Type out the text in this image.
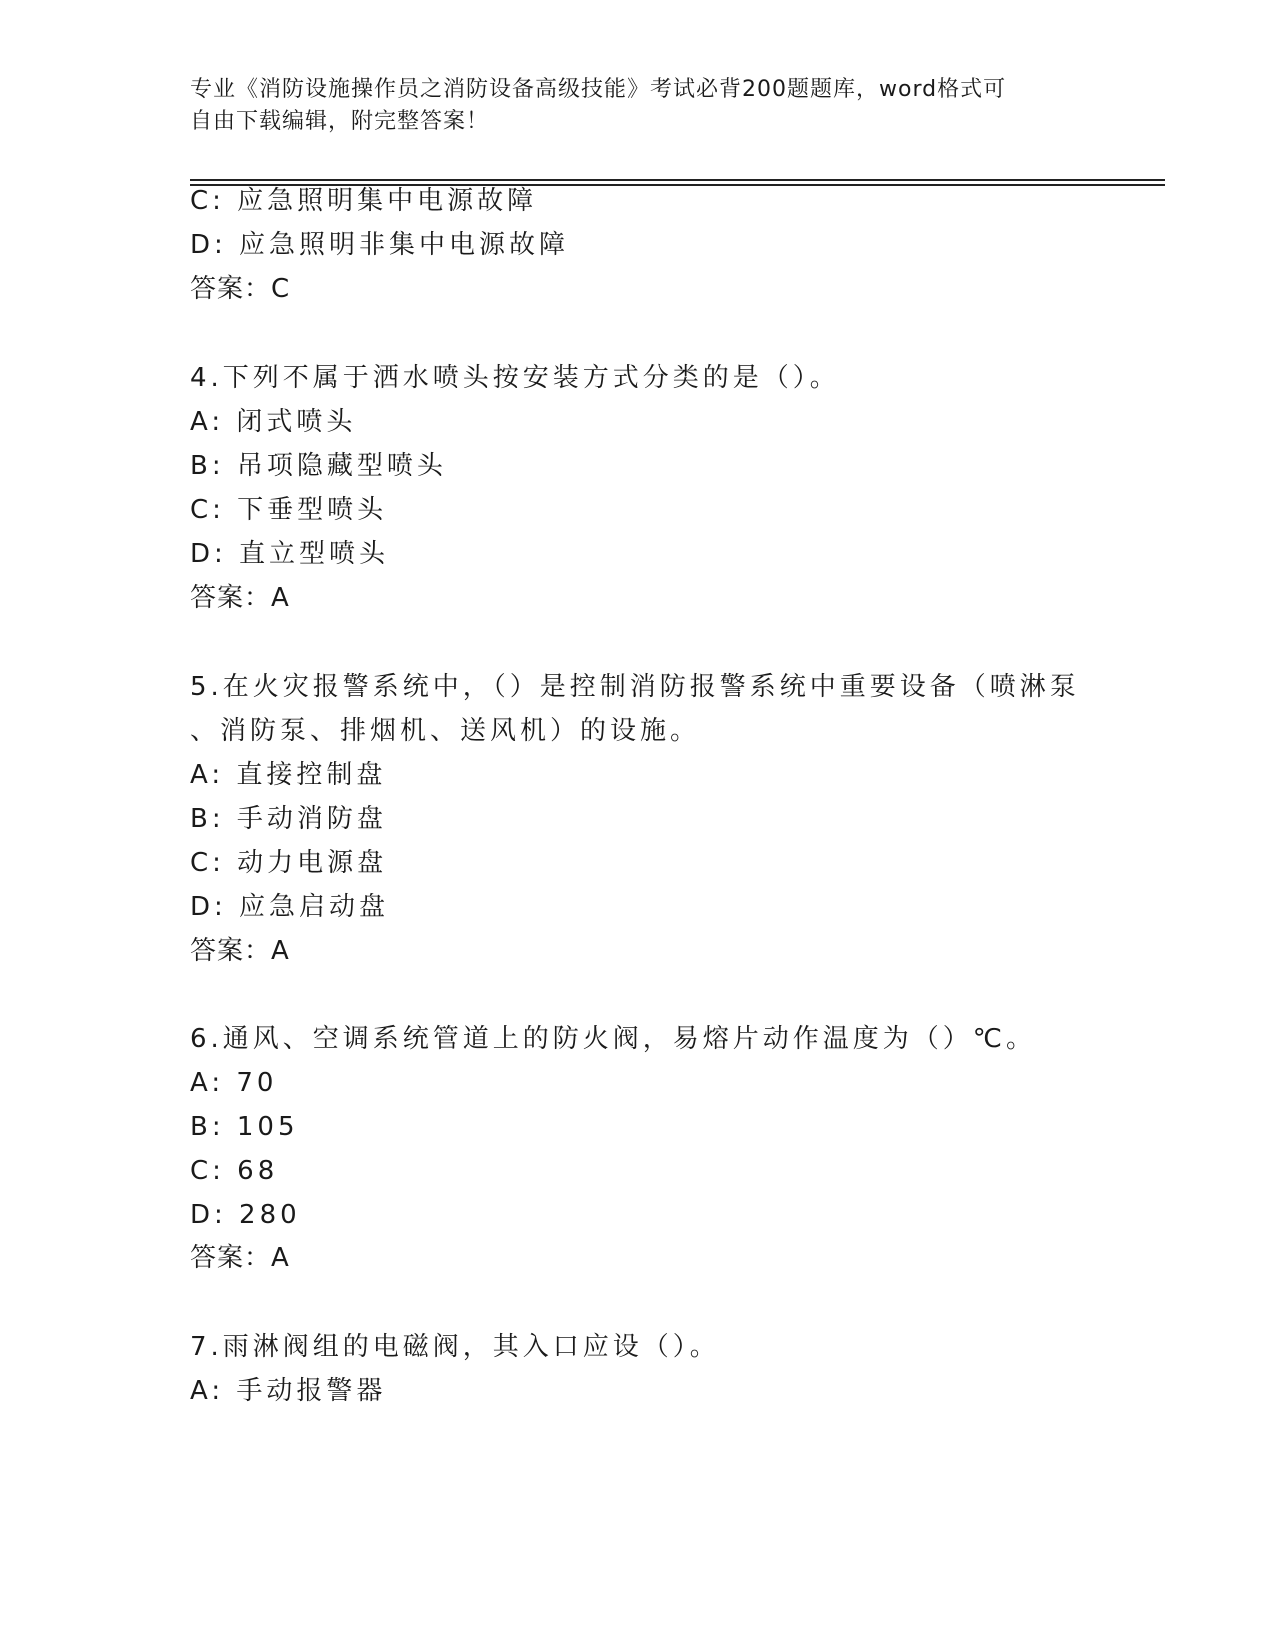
专业《消防设施操作员之消防设备高级技能》考试必背200题题库，word格式可
自由下载编辑，附完整答案！
C: 应急照明集中电源故障
D: 应急照明非集中电源故障
答案：C
4.下列不属于洒水喷头按安装方式分类的是（）。
A: 闭式喷头
B: 吊项隐藏型喷头
C: 下垂型喷头
D: 直立型喷头
答案：A
5.在火灾报警系统中，（）是控制消防报警系统中重要设备（喷淋泵
、消防泵、排烟机、送风机）的设施。
A: 直接控制盘
B: 手动消防盘
C: 动力电源盘
D: 应急启动盘
答案：A
6.通风、空调系统管道上的防火阀，易熔片动作温度为（）℃。
A: 70
B: 105
C: 68
D: 280
答案：A
7.雨淋阀组的电磁阀，其入口应设（）。
A: 手动报警器
